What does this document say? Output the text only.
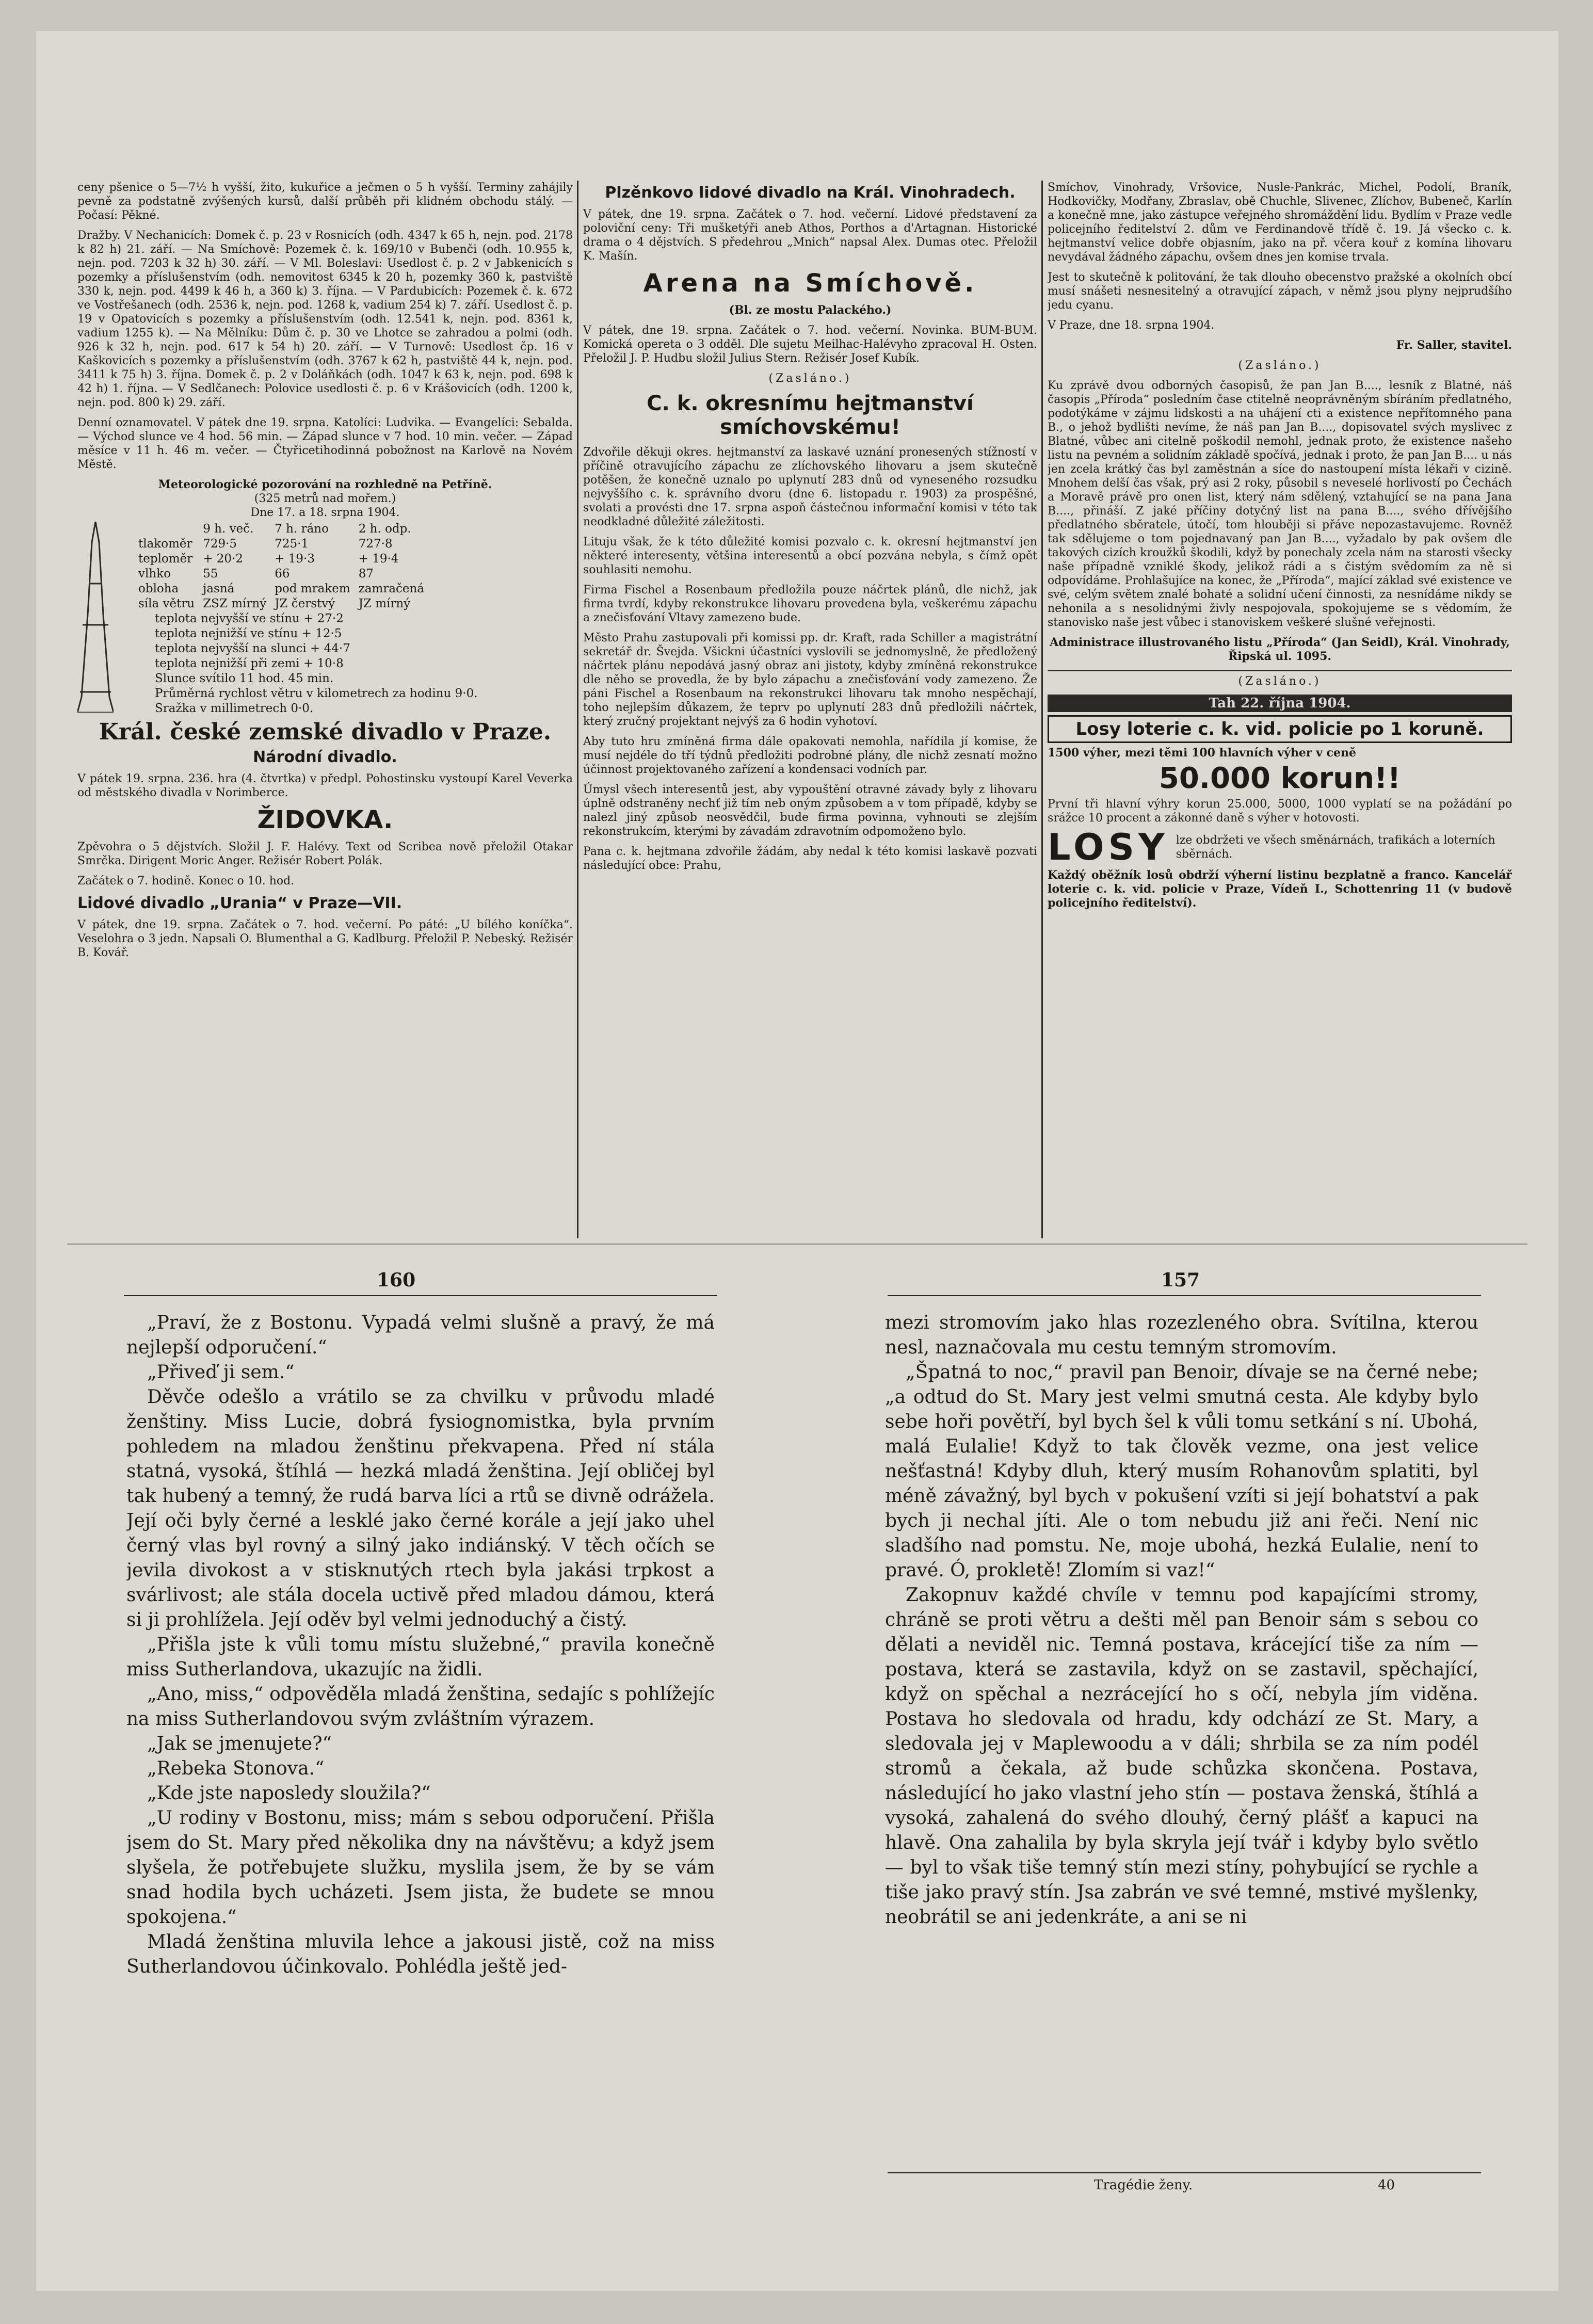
ceny pšenice o 5—7½ h vyšší, žito, kukuřice a ječmen o 5 h vyšší. Terminy zahájily pevně za podstatně zvýšených kursů, další průběh při klidném obchodu stálý. — Počasí: Pěkné.

Dražby. V Nechanicích: Domek č. p. 23 v Rosnicích (odh. 4347 k 65 h, nejn. pod. 2178 k 82 h) 21. září. — Na Smíchově: Pozemek č. k. 169/10 v Bubenči (odh. 10.955 k, nejn. pod. 7203 k 32 h) 30. září. — V Ml. Boleslavi: Usedlost č. p. 2 v Jabkenicích s pozemky a příslušenstvím (odh. nemovitost 6345 k 20 h, pozemky 360 k, pastviště 330 k, nejn. pod. 4499 k 46 h, a 360 k) 3. října. — V Pardubicích: Pozemek č. k. 672 ve Vostřešanech (odh. 2536 k, nejn. pod. 1268 k, vadium 254 k) 7. září. Usedlost č. p. 19 v Opatovicích s pozemky a příslušenstvím (odh. 12.541 k, nejn. pod. 8361 k, vadium 1255 k). — Na Mělníku: Dům č. p. 30 ve Lhotce se zahradou a polmi (odh. 926 k 32 h, nejn. pod. 617 k 54 h) 20. září. — V Turnově: Usedlost čp. 16 v Kaškovicích s pozemky a příslušenstvím (odh. 3767 k 62 h, pastviště 44 k, nejn. pod. 3411 k 75 h) 3. října. Domek č. p. 2 v Doláňkách (odh. 1047 k 63 k, nejn. pod. 698 k 42 h) 1. října. — V Sedlčanech: Polovice usedlosti č. p. 6 v Krášovicích (odh. 1200 k, nejn. pod. 800 k) 29. září.

Denní oznamovatel. V pátek dne 19. srpna. Katolíci: Ludvika. — Evangelíci: Sebalda. — Východ slunce ve 4 hod. 56 min. — Západ slunce v 7 hod. 10 min. večer. — Západ měsíce v 11 h. 46 m. večer. — Čtyřicetihodinná pobožnost na Karlově na Novém Městě.

Meteorologické pozorování na rozhledně na Petříně.

(325 metrů nad mořem.)

Dne 17. a 18. srpna 1904.

	9 h. več.	7 h. ráno	2 h. odp.
tlakoměr	729·5	725·1	727·8
teploměr	+ 20·2	+ 19·3	+ 19·4
vlhko	55	66	87
obloha	jasná	pod mrakem	zamračená
síla větru	ZSZ mírný	JZ čerstvý	JZ mírný
teplota nejvyšší ve stínu + 27·2
teplota nejnižší ve stínu + 12·5
teplota nejvyšší na slunci + 44·7
teplota nejnižší při zemi + 10·8
Slunce svítilo 11 hod. 45 min.
Průměrná rychlost větru v kilometrech za hodinu 9·0.
Sražka v millimetrech 0·0.
Král. české zemské divadlo v Praze.
Národní divadlo.

V pátek 19. srpna. 236. hra (4. čtvrtka) v předpl. Pohostinsku vystoupí Karel Veverka od městského divadla v Norimberce.

ŽIDOVKA.

Zpěvohra o 5 dějstvích. Složil J. F. Halévy. Text od Scribea nově přeložil Otakar Smrčka. Dirigent Moric Anger. Režisér Robert Polák.

Začátek o 7. hodině. Konec o 10. hod.

Lidové divadlo „Urania“ v Praze—VII.

V pátek, dne 19. srpna. Začátek o 7. hod. večerní. Po páté: „U bílého koníčka“. Veselohra o 3 jedn. Napsali O. Blumenthal a G. Kadlburg. Přeložil P. Nebeský. Režisér B. Kovář.

Plzěnkovo lidové divadlo na Král. Vinohradech.

V pátek, dne 19. srpna. Začátek o 7. hod. večerní. Lidové představení za poloviční ceny: Tři mušketýři aneb Athos, Porthos a d'Artagnan. Historické drama o 4 dějstvích. S předehrou „Mnich“ napsal Alex. Dumas otec. Přeložil K. Mašín.

Arena na Smíchově.

(Bl. ze mostu Palackého.)

V pátek, dne 19. srpna. Začátek o 7. hod. večerní. Novinka. BUM-BUM. Komická opereta o 3 odděl. Dle sujetu Meilhac-Halévyho zpracoval H. Osten. Přeložil J. P. Hudbu složil Julius Stern. Režisér Josef Kubík.

(Zasláno.)

C. k. okresnímu hejtmanství smíchovskému!

Zdvořile děkuji okres. hejtmanství za laskavé uznání pronesených stížností v příčině otravujícího zápachu ze zlíchovského lihovaru a jsem skutečně potěšen, že konečně uznalo po uplynutí 283 dnů od vyneseného rozsudku nejvyššího c. k. správního dvoru (dne 6. listopadu r. 1903) za prospěšné, svolati a provésti dne 17. srpna aspoň částečnou informační komisi v této tak neodkladné důležité záležitosti.

Lituju však, že k této důležité komisi pozvalo c. k. okresní hejtmanství jen některé interesenty, většina interesentů a obcí pozvána nebyla, s čímž opět souhlasiti nemohu.

Firma Fischel a Rosenbaum předložila pouze náčrtek plánů, dle nichž, jak firma tvrdí, kdyby rekonstrukce lihovaru provedena byla, veškerému zápachu a znečisťování Vltavy zamezeno bude.

Město Prahu zastupovali při komissi pp. dr. Kraft, rada Schiller a magistrátní sekretář dr. Švejda. Všickni účastníci vyslovili se jednomyslně, že předložený náčrtek plánu nepodává jasný obraz ani jistoty, kdyby zmíněná rekonstrukce dle něho se provedla, že by bylo zápachu a znečisťování vody zamezeno. Že páni Fischel a Rosenbaum na rekonstrukci lihovaru tak mnoho nespěchají, toho nejlepším důkazem, že teprv po uplynutí 283 dnů předložili náčrtek, který zručný projektant nejvýš za 6 hodin vyhotoví.

Aby tuto hru zmíněná firma dále opakovati nemohla, nařídila jí komise, že musí nejdéle do tří týdnů předložiti podrobné plány, dle nichž zesnatí možno účinnost projektovaného zařízení a kondensaci vodních par.

Úmysl všech interesentů jest, aby vypouštění otravné závady byly z lihovaru úplně odstraněny nechť již tím neb oným způsobem a v tom případě, kdyby se nalezl jiný způsob neosvědčil, bude firma povinna, vyhnouti se zlejším rekonstrukcím, kterými by závadám zdravotním odpomoženo bylo.

Pana c. k. hejtmana zdvořile žádám, aby nedal k této komisi laskavě pozvati následující obce: Prahu,

Smíchov, Vinohrady, Vršovice, Nusle-Pankrác, Michel, Podolí, Braník, Hodkovičky, Modřany, Zbraslav, obě Chuchle, Slivenec, Zlíchov, Bubeneč, Karlín a konečně mne, jako zástupce veřejného shromáždění lidu. Bydlím v Praze vedle policejního ředitelství 2. dům ve Ferdinandově třídě č. 19. Já všecko c. k. hejtmanství velice dobře objasním, jako na př. včera kouř z komína lihovaru nevydával žádného zápachu, ovšem dnes jen komise trvala.

Jest to skutečně k politování, že tak dlouho obecenstvo pražské a okolních obcí musí snášeti nesnesitelný a otravující zápach, v němž jsou plyny nejprudšího jedu cyanu.

V Praze, dne 18. srpna 1904.

Fr. Saller, stavitel.

(Zasláno.)

Ku zprávě dvou odborných časopisů, že pan Jan B...., lesník z Blatné, náš časopis „Příroda“ posledním čase ctitelně neoprávněným sbíráním předlatného, podotýkáme v zájmu lidskosti a na uhájení cti a existence nepřítomného pana B., o jehož bydlišti nevíme, že náš pan Jan B...., dopisovatel svých myslivec z Blatné, vůbec ani citelně poškodil nemohl, jednak proto, že existence našeho listu na pevném a solidním základě spočívá, jednak i proto, že pan Jan B.... u nás jen zcela krátký čas byl zaměstnán a síce do nastoupení místa lékaři v cizině. Mnohem delší čas však, prý asi 2 roky, působil s neveselé horlivostí po Čechách a Moravě právě pro onen list, který nám sdělený, vztahující se na pana Jana B...., přináší. Z jaké příčiny dotyčný list na pana B...., svého dřívějšího předlatného sběratele, útočí, tom hlouběji si přáve nepozastavujeme. Rovněž tak sdělujeme o tom pojednavaný pan Jan B...., vyžadalo by pak ovšem dle takových cizích kroužků škodili, když by ponechaly zcela nám na starosti všecky naše případně vzniklé škody, jelikož rádi a s čistým svědomím za ně si odpovídáme. Prohlašujíce na konec, že „Příroda“, mající základ své existence ve své, celým světem znalé bohaté a solidní učení činnosti, za nesnídáme nikdy se nehonila a s nesolidnými živly nespojovala, spokojujeme se s vědomím, že stanovisko naše jest vůbec i stanoviskem veškeré slušné veřejnosti.

Administrace illustrovaného listu „Příroda“ (Jan Seidl), Král. Vinohrady, Řipská ul. 1095.

(Zasláno.)

Tah 22. října 1904.
Losy loterie c. k. vid. policie po 1 koruně.

1500 výher, mezi těmi 100 hlavních výher v ceně

50.000 korun!!

První tři hlavní výhry korun 25.000, 5000, 1000 vyplatí se na požádání po srážce 10 procent a zákonné daně s výher v hotovosti.

LOSY lze obdržeti ve všech směnárnách, trafikách a loterních sběrnách.

Každý oběžník losů obdrží výherní listinu bezplatně a franco. Kancelář loterie c. k. vid. policie v Praze, Vídeň I., Schottenring 11 (v budově policejního ředitelství).

160	157

„Praví, že z Bostonu. Vypadá velmi slušně a pravý, že má nejlepší odporučení.“

„Přiveď ji sem.“

Děvče odešlo a vrátilo se za chvilku v průvodu mladé ženštiny. Miss Lucie, dobrá fysiognomistka, byla prvním pohledem na mladou ženštinu překvapena. Před ní stála statná, vysoká, štíhlá — hezká mladá ženština. Její obličej byl tak hubený a temný, že rudá barva líci a rtů se divně odrážela. Její oči byly černé a lesklé jako černé korále a její jako uhel černý vlas byl rovný a silný jako indiánský. V těch očích se jevila divokost a v stisknutých rtech byla jakási trpkost a svárlivost; ale stála docela uctivě před mladou dámou, která si ji prohlížela. Její oděv byl velmi jednoduchý a čistý.

„Přišla jste k vůli tomu místu služebné,“ pravila konečně miss Sutherlandova, ukazujíc na židli.

„Ano, miss,“ odpověděla mladá ženština, sedajíc s pohlížejíc na miss Sutherlandovou svým zvláštním výrazem.

„Jak se jmenujete?“

„Rebeka Stonova.“

„Kde jste naposledy sloužila?“

„U rodiny v Bostonu, miss; mám s sebou odporučení. Přišla jsem do St. Mary před několika dny na návštěvu; a když jsem slyšela, že potřebujete služku, myslila jsem, že by se vám snad hodila bych ucházeti. Jsem jista, že budete se mnou spokojena.“

Mladá ženština mluvila lehce a jakousi jistě, což na miss Sutherlandovou účinkovalo. Pohlédla ještě jed-

mezi stromovím jako hlas rozezleného obra. Svítilna, kterou nesl, naznačovala mu cestu temným stromovím.

„Špatná to noc,“ pravil pan Benoir, dívaje se na černé nebe; „a odtud do St. Mary jest velmi smutná cesta. Ale kdyby bylo sebe hoři povětří, byl bych šel k vůli tomu setkání s ní. Ubohá, malá Eulalie! Když to tak člověk vezme, ona jest velice nešťastná! Kdyby dluh, který musím Rohanovům splatiti, byl méně závažný, byl bych v pokušení vzíti si její bohatství a pak bych ji nechal jíti. Ale o tom nebudu již ani řeči. Není nic sladšího nad pomstu. Ne, moje ubohá, hezká Eulalie, není to pravé. Ó, prokletě! Zlomím si vaz!“

Zakopnuv každé chvíle v temnu pod kapajícími stromy, chráně se proti větru a dešti měl pan Benoir sám s sebou co dělati a neviděl nic. Temná postava, krácející tiše za ním — postava, která se zastavila, když on se zastavil, spěchající, když on spěchal a nezrácející ho s očí, nebyla jím viděna. Postava ho sledovala od hradu, kdy odchází ze St. Mary, a sledovala jej v Maplewoodu a v dáli; shrbila se za ním podél stromů a čekala, až bude schůzka skončena. Postava, následující ho jako vlastní jeho stín — postava ženská, štíhlá a vysoká, zahalená do svého dlouhý, černý plášť a kapuci na hlavě. Ona zahalila by byla skryla její tvář i kdyby bylo světlo — byl to však tiše temný stín mezi stíny, pohybující se rychle a tiše jako pravý stín. Jsa zabrán ve své temné, mstivé myšlenky, neobrátil se ani jedenkráte, a ani se ni

Tragédie ženy.	40
